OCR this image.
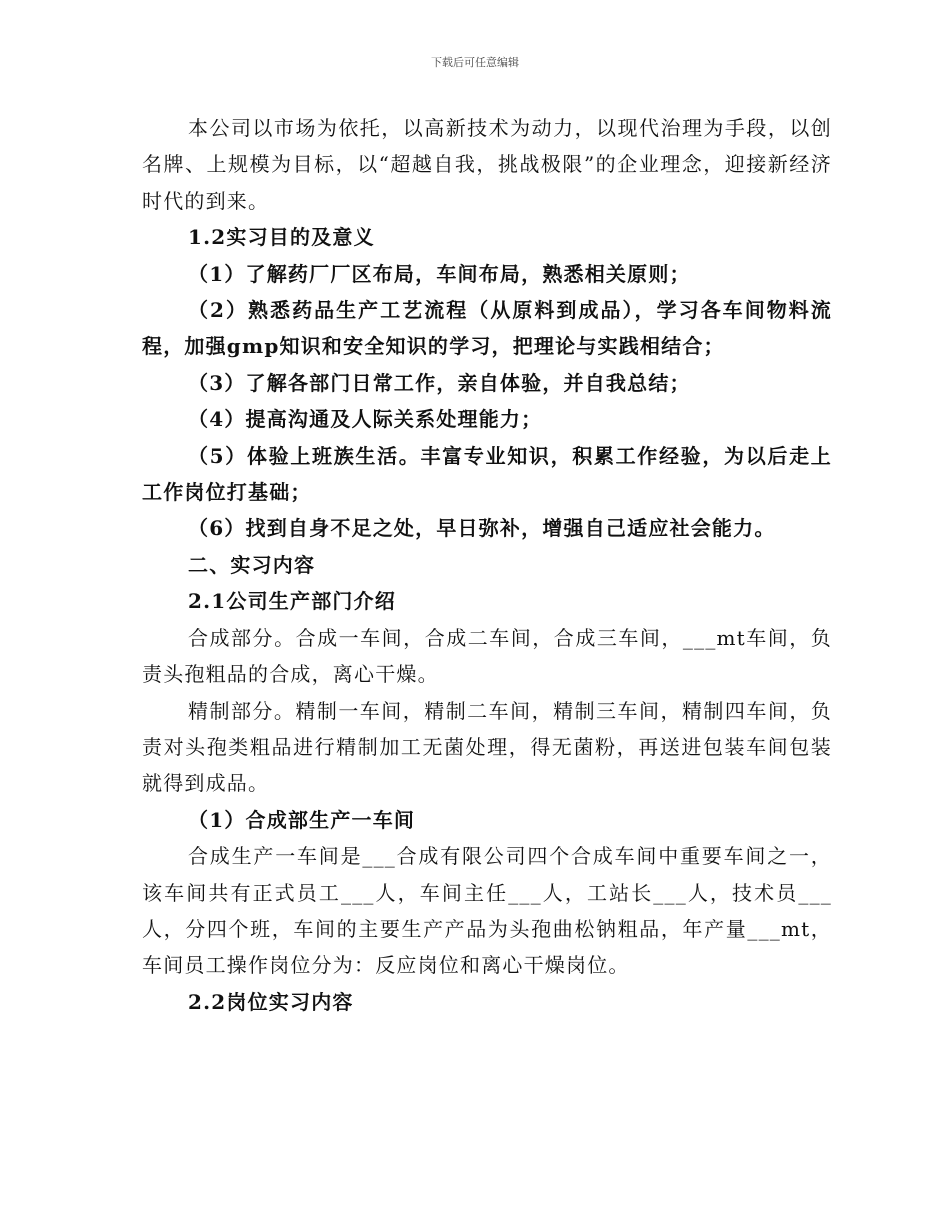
下载后可任意编辑

本公司以市场为依托，以高新技术为动力，以现代治理为手段，以创名牌、上规模为目标，以“超越自我，挑战极限”的企业理念，迎接新经济时代的到来。

1.2实习目的及意义

（1）了解药厂厂区布局，车间布局，熟悉相关原则；

（2）熟悉药品生产工艺流程（从原料到成品），学习各车间物料流程，加强gmp知识和安全知识的学习，把理论与实践相结合；

（3）了解各部门日常工作，亲自体验，并自我总结；

（4）提高沟通及人际关系处理能力；

（5）体验上班族生活。丰富专业知识，积累工作经验，为以后走上工作岗位打基础；

（6）找到自身不足之处，早日弥补，增强自己适应社会能力。

二、实习内容

2.1公司生产部门介绍

合成部分。合成一车间，合成二车间，合成三车间，___mt车间，负责头孢粗品的合成，离心干燥。

精制部分。精制一车间，精制二车间，精制三车间，精制四车间，负责对头孢类粗品进行精制加工无菌处理，得无菌粉，再送进包装车间包装就得到成品。

（1）合成部生产一车间

合成生产一车间是___合成有限公司四个合成车间中重要车间之一，该车间共有正式员工___人，车间主任___人，工站长___人，技术员___人，分四个班，车间的主要生产产品为头孢曲松钠粗品，年产量___mt，车间员工操作岗位分为：反应岗位和离心干燥岗位。

2.2岗位实习内容
